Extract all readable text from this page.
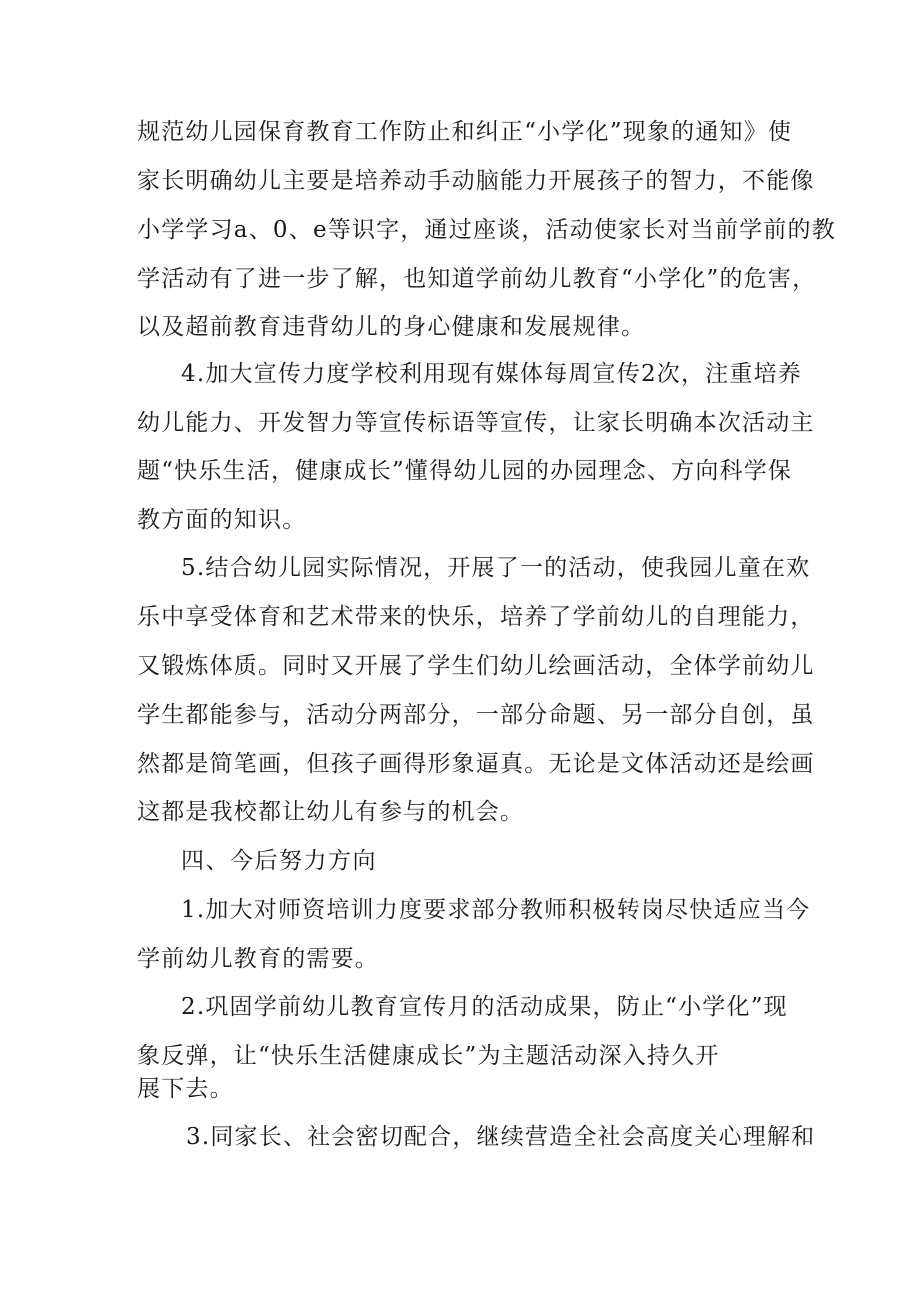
规范幼儿园保育教育工作防止和纠正“小学化”现象的通知》使
家长明确幼儿主要是培养动手动脑能力开展孩子的智力，不能像
小学学习a、0、e等识字，通过座谈，活动使家长对当前学前的教
学活动有了进一步了解，也知道学前幼儿教育“小学化”的危害，
以及超前教育违背幼儿的身心健康和发展规律。
4.加大宣传力度学校利用现有媒体每周宣传2次，注重培养
幼儿能力、开发智力等宣传标语等宣传，让家长明确本次活动主
题“快乐生活，健康成长”懂得幼儿园的办园理念、方向科学保
教方面的知识。
5.结合幼儿园实际情况，开展了一的活动，使我园儿童在欢
乐中享受体育和艺术带来的快乐，培养了学前幼儿的自理能力，
又锻炼体质。同时又开展了学生们幼儿绘画活动，全体学前幼儿
学生都能参与，活动分两部分，一部分命题、另一部分自创，虽
然都是简笔画，但孩子画得形象逼真。无论是文体活动还是绘画
这都是我校都让幼儿有参与的机会。
四、今后努力方向
1.加大对师资培训力度要求部分教师积极转岗尽快适应当今
学前幼儿教育的需要。
2.巩固学前幼儿教育宣传月的活动成果，防止“小学化”现
象反弹，让“快乐生活健康成长”为主题活动深入持久开
展下去。
3.同家长、社会密切配合，继续营造全社会高度关心理解和
